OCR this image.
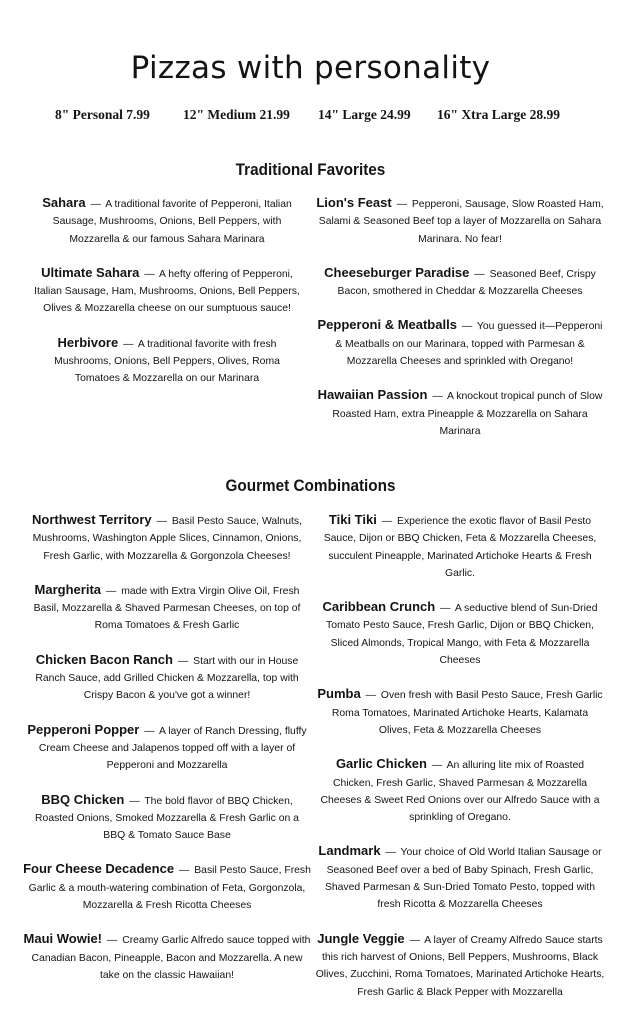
Pizzas with personality
8" Personal 7.99 12" Medium 21.99 14" Large 24.99 16" Xtra Large 28.99
Traditional Favorites
Sahara — A traditional favorite of Pepperoni, Italian Sausage, Mushrooms, Onions, Bell Peppers, with Mozzarella & our famous Sahara Marinara
Ultimate Sahara — A hefty offering of Pepperoni, Italian Sausage, Ham, Mushrooms, Onions, Bell Peppers, Olives & Mozzarella cheese on our sumptuous sauce!
Herbivore — A traditional favorite with fresh Mushrooms, Onions, Bell Peppers, Olives, Roma Tomatoes & Mozzarella on our Marinara
Lion's Feast — Pepperoni, Sausage, Slow Roasted Ham, Salami & Seasoned Beef top a layer of Mozzarella on Sahara Marinara. No fear!
Cheeseburger Paradise — Seasoned Beef, Crispy Bacon, smothered in Cheddar & Mozzarella Cheeses
Pepperoni & Meatballs — You guessed it—Pepperoni & Meatballs on our Marinara, topped with Parmesan & Mozzarella Cheeses and sprinkled with Oregano!
Hawaiian Passion — A knockout tropical punch of Slow Roasted Ham, extra Pineapple & Mozzarella on Sahara Marinara
Gourmet Combinations
Northwest Territory — Basil Pesto Sauce, Walnuts, Mushrooms, Washington Apple Slices, Cinnamon, Onions, Fresh Garlic, with Mozzarella & Gorgonzola Cheeses!
Margherita — made with Extra Virgin Olive Oil, Fresh Basil, Mozzarella & Shaved Parmesan Cheeses, on top of Roma Tomatoes & Fresh Garlic
Chicken Bacon Ranch — Start with our in House Ranch Sauce, add Grilled Chicken & Mozzarella, top with Crispy Bacon & you've got a winner!
Pepperoni Popper — A layer of Ranch Dressing, fluffy Cream Cheese and Jalapenos topped off with a layer of Pepperoni and Mozzarella
BBQ Chicken — The bold flavor of BBQ Chicken, Roasted Onions, Smoked Mozzarella & Fresh Garlic on a BBQ & Tomato Sauce Base
Four Cheese Decadence — Basil Pesto Sauce, Fresh Garlic & a mouth-watering combination of Feta, Gorgonzola, Mozzarella & Fresh Ricotta Cheeses
Maui Wowie! — Creamy Garlic Alfredo sauce topped with Canadian Bacon, Pineapple, Bacon and Mozzarella. A new take on the classic Hawaiian!
Tiki Tiki — Experience the exotic flavor of Basil Pesto Sauce, Dijon or BBQ Chicken, Feta & Mozzarella Cheeses, succulent Pineapple, Marinated Artichoke Hearts & Fresh Garlic.
Caribbean Crunch — A seductive blend of Sun-Dried Tomato Pesto Sauce, Fresh Garlic, Dijon or BBQ Chicken, Sliced Almonds, Tropical Mango, with Feta & Mozzarella Cheeses
Pumba — Oven fresh with Basil Pesto Sauce, Fresh Garlic Roma Tomatoes, Marinated Artichoke Hearts, Kalamata Olives, Feta & Mozzarella Cheeses
Garlic Chicken — An alluring lite mix of Roasted Chicken, Fresh Garlic, Shaved Parmesan & Mozzarella Cheeses & Sweet Red Onions over our Alfredo Sauce with a sprinkling of Oregano.
Landmark — Your choice of Old World Italian Sausage or Seasoned Beef over a bed of Baby Spinach, Fresh Garlic, Shaved Parmesan & Sun-Dried Tomato Pesto, topped with fresh Ricotta & Mozzarella Cheeses
Jungle Veggie — A layer of Creamy Alfredo Sauce starts this rich harvest of Onions, Bell Peppers, Mushrooms, Black Olives, Zucchini, Roma Tomatoes, Marinated Artichoke Hearts, Fresh Garlic & Black Pepper with Mozzarella
